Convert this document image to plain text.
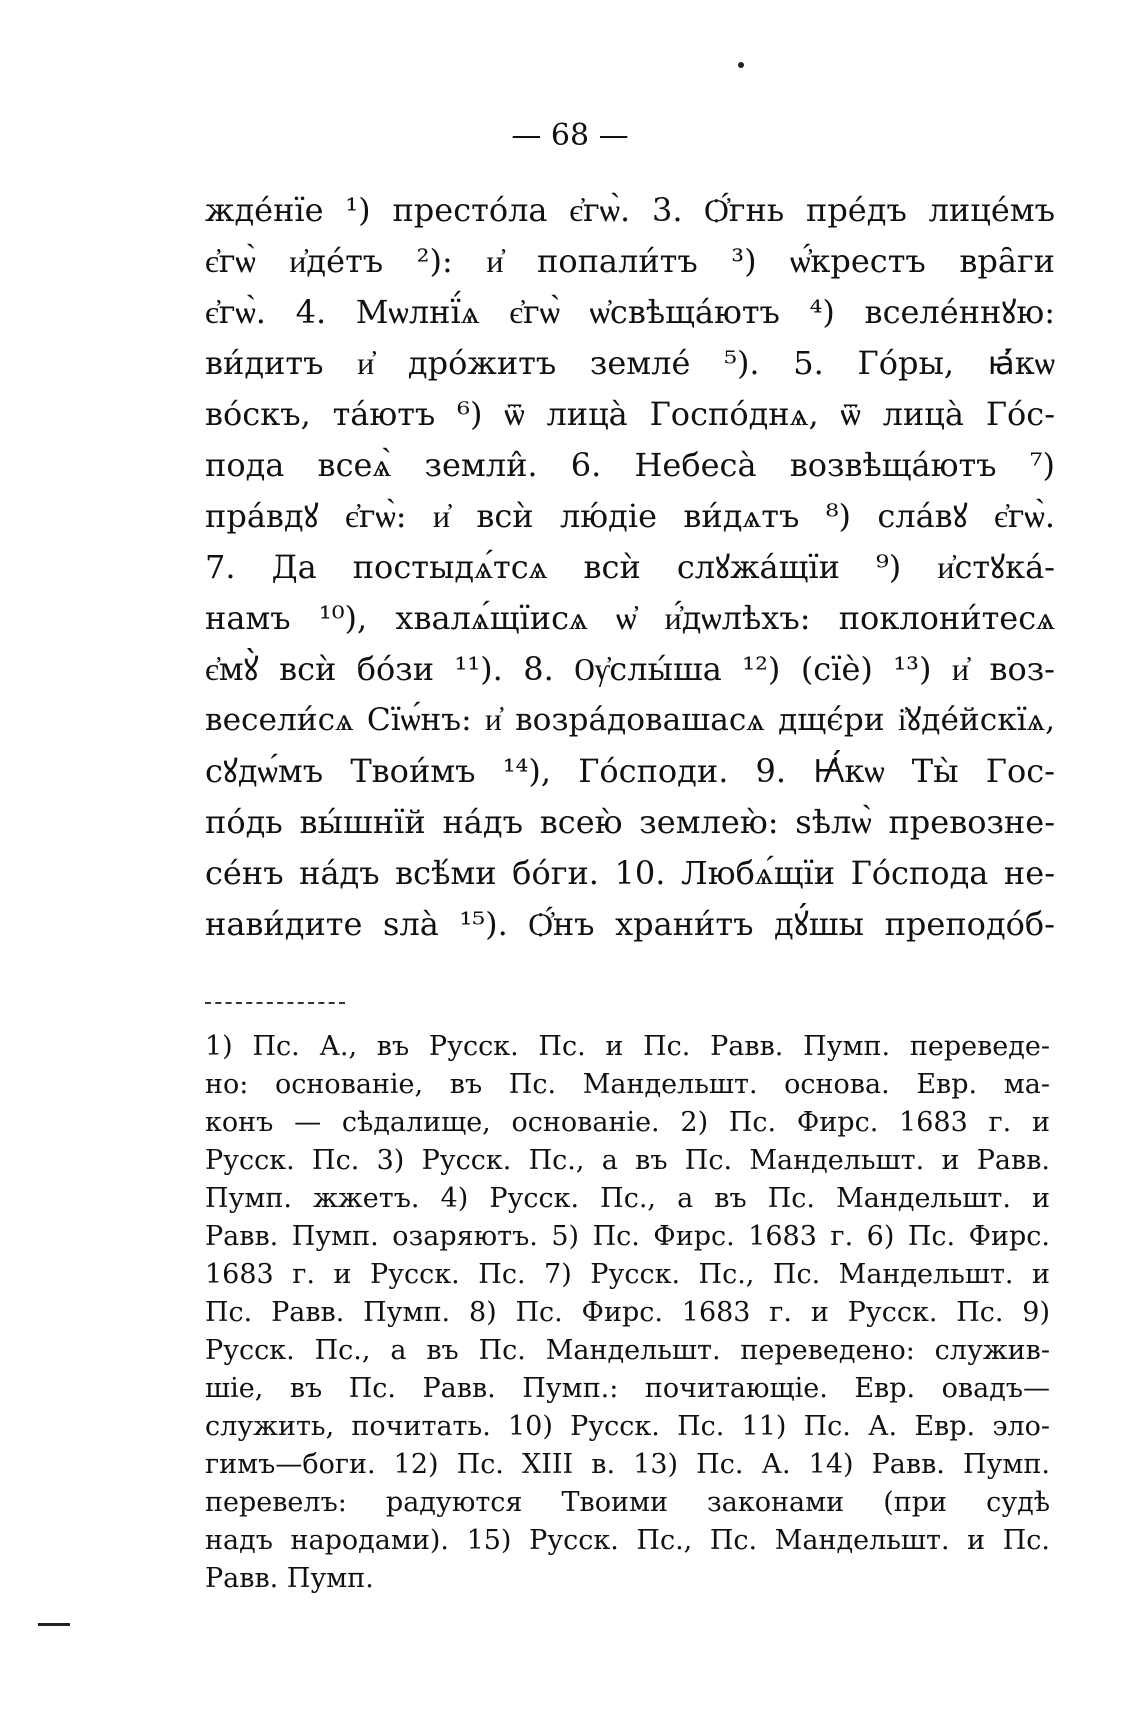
— 68 —
жде́нїе ¹) престо́ла є҆гѡ̀. 3. Ѻ҆́гнь пре́дъ лице́мъ
є҆гѡ̀ и҆де́тъ ²): и҆ попали́тъ ³) ѡ҆́крестъ вра̑ги
є҆гѡ̀. 4. Мѡлнї́ѧ є҆гѡ̀ ѡ҆свѣща́ютъ ⁴) вселе́ннꙋю:
ви́дитъ и҆ дро́житъ земле́ ⁵). 5. Го́ры, ꙗ҆́кѡ
во́скъ, та́ютъ ⁶) ѿ лица̀ Госпо́днѧ, ѿ лица̀ Го́с-
пода всеѧ̀ земли̂. 6. Небеса̀ возвѣща́ютъ ⁷)
пра́вдꙋ є҆гѡ̀: и҆ всѝ лю́діе ви́дѧтъ ⁸) сла́вꙋ є҆гѡ̀.
7. Да постыдѧ́тсѧ всѝ слꙋжа́щїи ⁹) и҆стꙋка́-
намъ ¹⁰), хвалѧ́щїисѧ ѡ҆ и҆́дѡлѣхъ: поклони́тесѧ
є҆мꙋ̀ всѝ бо́зи ¹¹). 8. Ѹ҆слы́ша ¹²) (сїѐ) ¹³) и҆ воз-
весели́сѧ Сїѡ́нъ: и҆ возра́довашасѧ дщє́ри і҆ꙋде́йскїѧ,
сꙋдѡ́мъ Твои́мъ ¹⁴), Го́споди. 9. Ꙗ҆́кѡ Ты̀ Гос-
по́дь вы́шнїй на́дъ всею̀ землею̀: ѕѣлѡ̀ превозне-
се́нъ на́дъ всѣ́ми бо́ги. 10. Любѧ́щїи Го́спода не-
нави́дите ѕла̀ ¹⁵). Ѻ҆́нъ храни́тъ дꙋ́шы преподо́б-
1) Пс. А., въ Русск. Пс. и Пс. Равв. Пумп. переведе-
но: основаніе, въ Пс. Мандельшт. основа. Евр. ма-
конъ — сѣдалище, основаніе. 2) Пс. Фирс. 1683 г. и
Русск. Пс. 3) Русск. Пс., а въ Пс. Мандельшт. и Равв.
Пумп. жжетъ. 4) Русск. Пс., а въ Пс. Мандельшт. и
Равв. Пумп. озаряютъ. 5) Пс. Фирс. 1683 г. 6) Пс. Фирс.
1683 г. и Русск. Пс. 7) Русск. Пс., Пс. Мандельшт. и
Пс. Равв. Пумп. 8) Пс. Фирс. 1683 г. и Русск. Пс. 9)
Русск. Пс., а въ Пс. Мандельшт. переведено: служив-
шіе, въ Пс. Равв. Пумп.: почитающіе. Евр. овадъ—
служить, почитать. 10) Русск. Пс. 11) Пс. А. Евр. эло-
гимъ—боги. 12) Пс. XIII в. 13) Пс. А. 14) Равв. Пумп.
перевелъ: радуются Твоими законами (при судѣ
надъ народами). 15) Русск. Пс., Пс. Мандельшт. и Пс.
Равв. Пумп.
